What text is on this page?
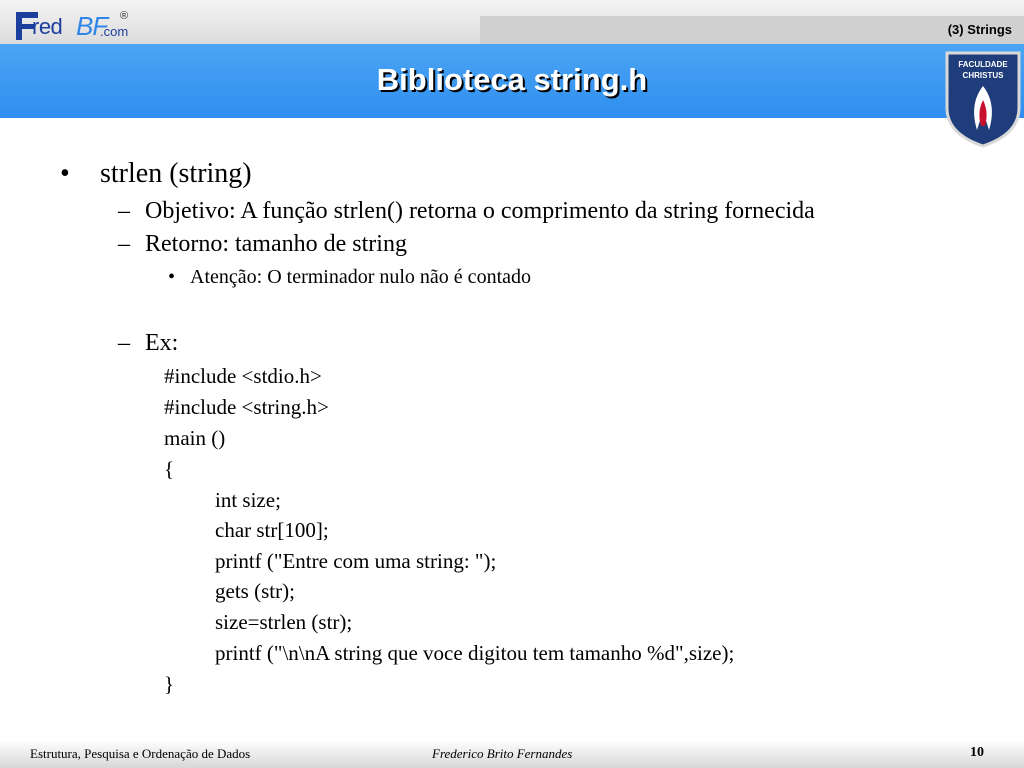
(3) Strings
red BF
.com
®
Biblioteca string.h	FACULDADE
CHRISTUS
• strlen (string)
– Objetivo: A função strlen() retorna o comprimento da string fornecida
– Retorno: tamanho de string
• Atenção: O terminador nulo não é contado
– Ex:
#include <stdio.h>
#include <string.h>
main ()
{
int size;
char str[100];
printf ("Entre com uma string: ");
gets (str);
size=strlen (str);
printf ("\n\nA string que voce digitou tem tamanho %d",size);
}
Estrutura, Pesquisa e Ordenação de Dados	Frederico Brito Fernandes	10
